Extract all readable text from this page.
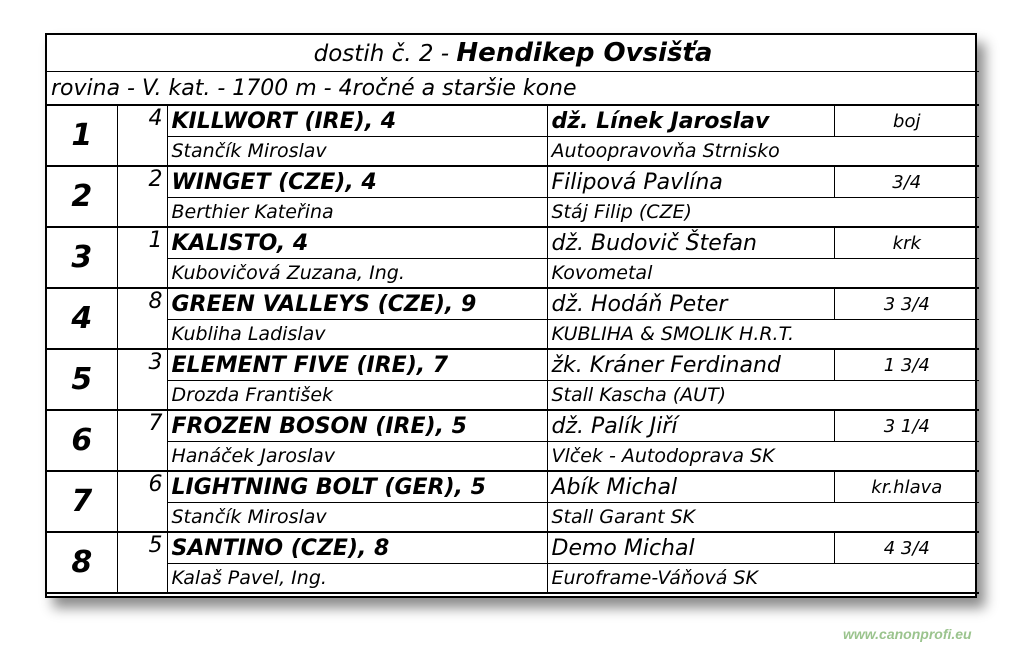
dostih č. 2 - Hendikep Ovsišťa				
rovina - V. kat. - 1700 m - 4ročné a staršie kone				
1	4	KILLWORT (IRE), 4	dž. Línek Jaroslav	boj
		Stančík Miroslav	Autoopravovňa Strnisko	
2	2	WINGET (CZE), 4	Filipová Pavlína	3/4
		Berthier Kateřina	Stáj Filip (CZE)	
3	1	KALISTO, 4	dž. Budovič Štefan	krk
		Kubovičová Zuzana, Ing.	Kovometal	
4	8	GREEN VALLEYS (CZE), 9	dž. Hodáň Peter	3 3/4
		Kubliha Ladislav	KUBLIHA & SMOLIK H.R.T.	
5	3	ELEMENT FIVE (IRE), 7	žk. Kráner Ferdinand	1 3/4
		Drozda František	Stall Kascha (AUT)	
6	7	FROZEN BOSON (IRE), 5	dž. Palík Jiří	3 1/4
		Hanáček Jaroslav	Vlček - Autodoprava SK	
7	6	LIGHTNING BOLT (GER), 5	Abík Michal	kr.hlava
		Stančík Miroslav	Stall Garant SK	
8	5	SANTINO (CZE), 8	Demo Michal	4 3/4
		Kalaš Pavel, Ing.	Euroframe-Váňová SK	
www.canonprofi.eu
